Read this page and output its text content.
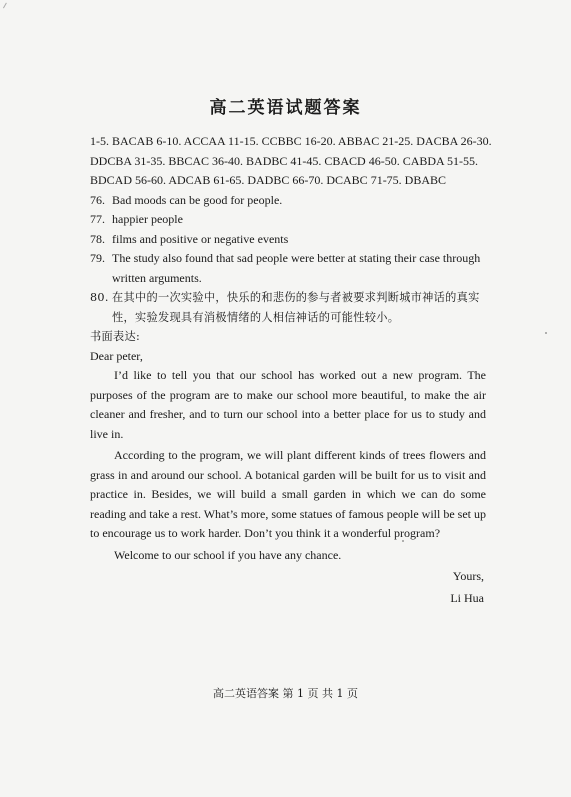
高二英语试题答案
1-5. BACAB 6-10. ACCAA 11-15. CCBBC 16-20. ABBAC 21-25. DACBA 26-30.
DDCBA 31-35. BBCAC 36-40. BADBC 41-45. CBACD 46-50. CABDA 51-55.
BDCAD 56-60. ADCAB 61-65. DADBC 66-70. DCABC 71-75. DBABC
76. Bad moods can be good for people.
77. happier people
78. films and positive or negative events
79. The study also found that sad people were better at stating their case through
written arguments.
80. 在其中的一次实验中，快乐的和悲伤的参与者被要求判断城市神话的真实
性，实验发现具有消极情绪的人相信神话的可能性较小。
书面表达:
Dear peter,

I’d like to tell you that our school has worked out a new program. The purposes of the program are to make our school more beautiful, to make the air cleaner and fresher, and to turn our school into a better place for us to study and live in.

According to the program, we will plant different kinds of trees flowers and grass in and around our school. A botanical garden will be built for us to visit and practice in. Besides, we will build a small garden in which we can do some reading and take a rest. What’s more, some statues of famous people will be set up to encourage us to work harder. Don’t you think it a wonderful program?

Welcome to our school if you have any chance.

Yours,
Li Hua
高二英语答案 第 1 页 共 1 页
